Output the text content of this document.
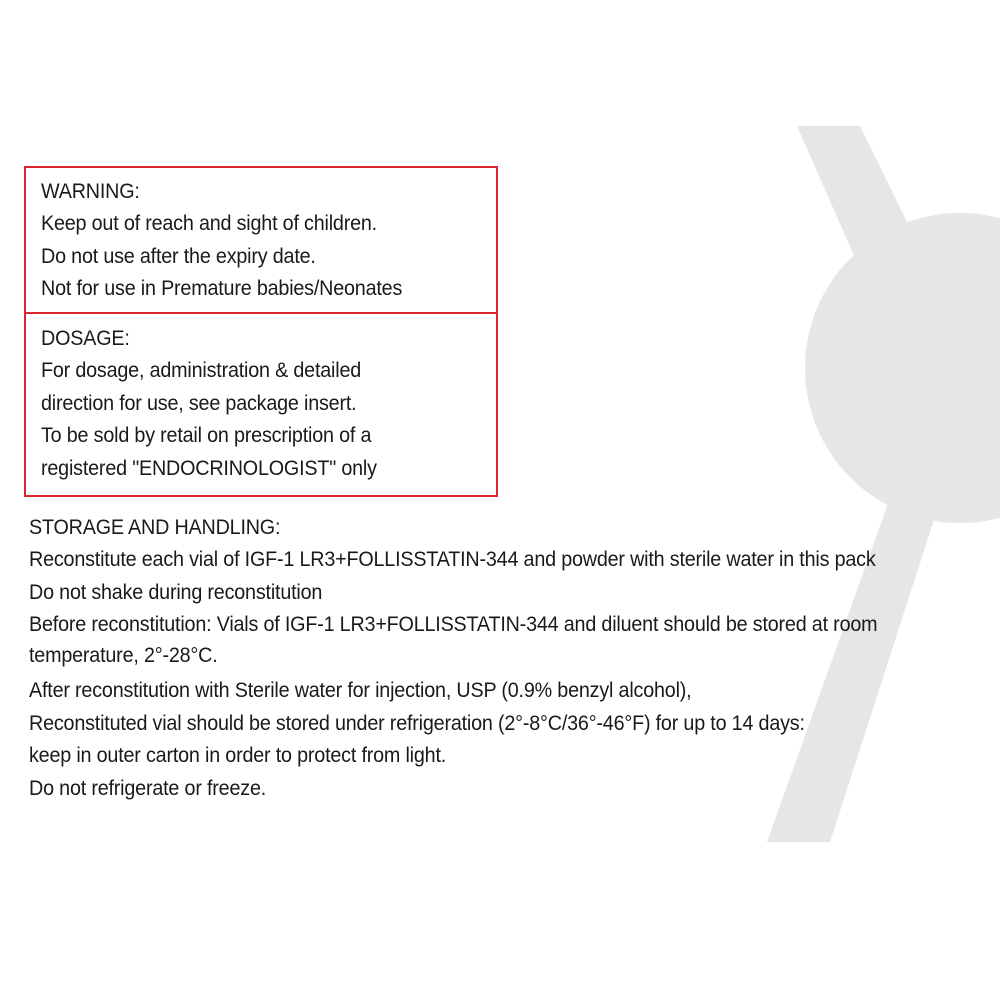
WARNING:
Keep out of reach and sight of children.
Do not use after the expiry date.
Not for use in Premature babies/Neonates
DOSAGE:
For dosage, administration & detailed
direction for use, see package insert.
To be sold by retail on prescription of a
registered "ENDOCRINOLOGIST" only
STORAGE AND HANDLING:
Reconstitute each vial of IGF-1 LR3+FOLLISSTATIN-344 and powder with sterile water in this pack
Do not shake during reconstitution
Before reconstitution: Vials of IGF-1 LR3+FOLLISSTATIN-344 and diluent should be stored at room temperature, 2°-28°C.
After reconstitution with Sterile water for injection, USP (0.9% benzyl alcohol),
Reconstituted vial should be stored under refrigeration (2°-8°C/36°-46°F) for up to 14 days:
keep in outer carton in order to protect from light.
Do not refrigerate or freeze.
